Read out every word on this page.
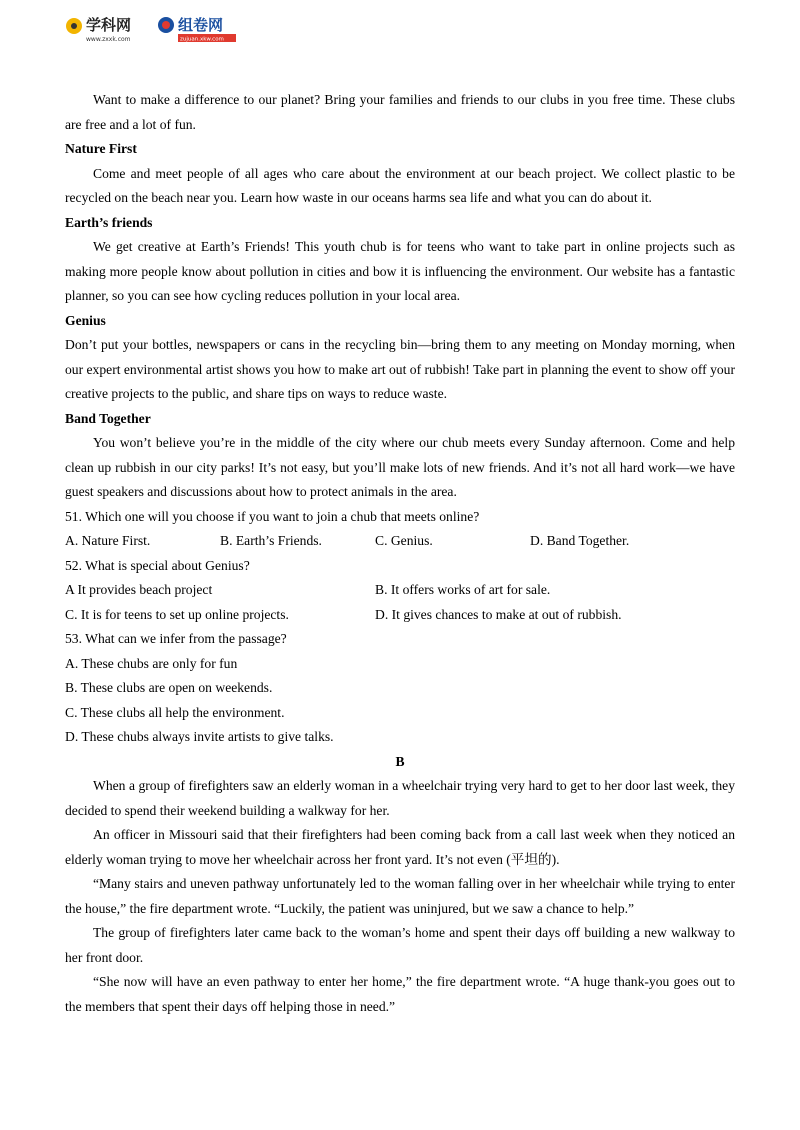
学科网
www.zxxk.com
组卷网
zujuan.xkw.com

Want to make a difference to our planet? Bring your families and friends to our clubs in you free time. These clubs are free and a lot of fun.

Nature First

Come and meet people of all ages who care about the environment at our beach project. We collect plastic to be recycled on the beach near you. Learn how waste in our oceans harms sea life and what you can do about it.

Earth’s friends

We get creative at Earth’s Friends! This youth chub is for teens who want to take part in online projects such as making more people know about pollution in cities and bow it is influencing the environment. Our website has a fantastic planner, so you can see how cycling reduces pollution in your local area.

Genius

Don’t put your bottles, newspapers or cans in the recycling bin—bring them to any meeting on Monday morning, when our expert environmental artist shows you how to make art out of rubbish! Take part in planning the event to show off your creative projects to the public, and share tips on ways to reduce waste.

Band Together

You won’t believe you’re in the middle of the city where our chub meets every Sunday afternoon. Come and help clean up rubbish in our city parks! It’s not easy, but you’ll make lots of new friends. And it’s not all hard work—we have guest speakers and discussions about how to protect animals in the area.

51. Which one will you choose if you want to join a chub that meets online?

A. Nature First.	B. Earth’s Friends.	C. Genius.	D. Band Together.

52. What is special about Genius?

A It provides beach project	B. It offers works of art for sale.
C. It is for teens to set up online projects.	D. It gives chances to make at out of rubbish.

53. What can we infer from the passage?

A. These chubs are only for fun

B. These clubs are open on weekends.

C. These clubs all help the environment.

D. These chubs always invite artists to give talks.

B

When a group of firefighters saw an elderly woman in a wheelchair trying very hard to get to her door last week, they decided to spend their weekend building a walkway for her.

An officer in Missouri said that their firefighters had been coming back from a call last week when they noticed an elderly woman trying to move her wheelchair across her front yard. It’s not even (平坦的).

“Many stairs and uneven pathway unfortunately led to the woman falling over in her wheelchair while trying to enter the house,” the fire department wrote. “Luckily, the patient was uninjured, but we saw a chance to help.”

The group of firefighters later came back to the woman’s home and spent their days off building a new walkway to her front door.

“She now will have an even pathway to enter her home,” the fire department wrote. “A huge thank-you goes out to the members that spent their days off helping those in need.”
